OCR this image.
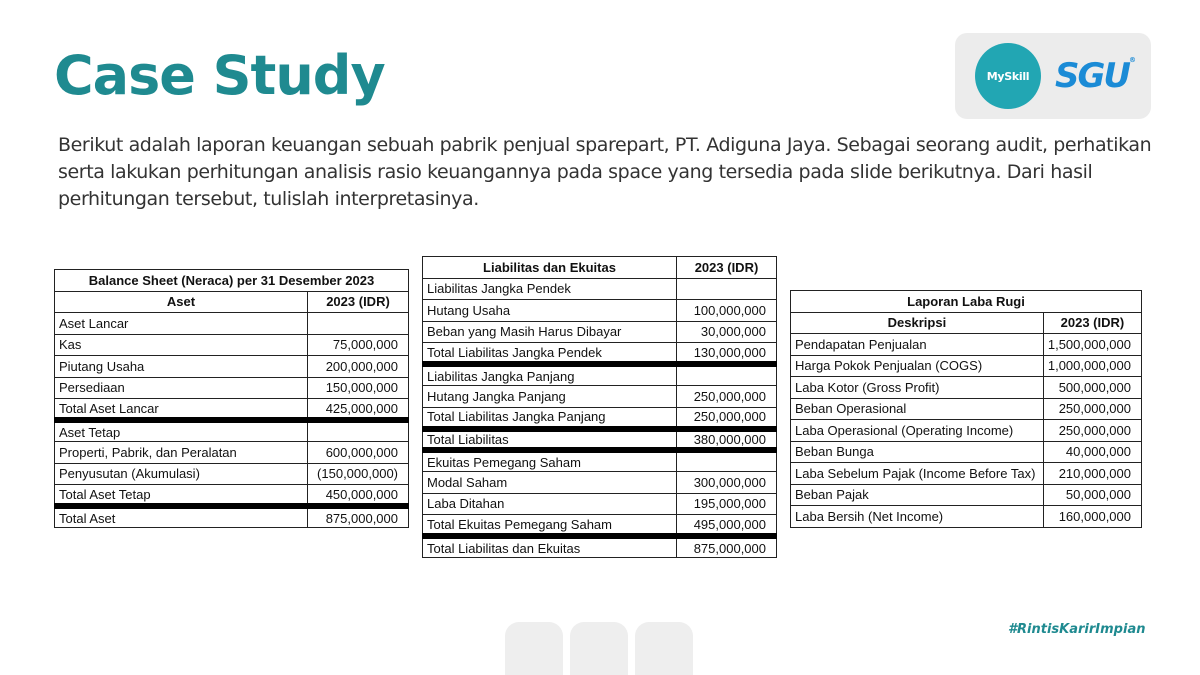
Case Study	MySkill SGU®
Berikut adalah laporan keuangan sebuah pabrik penjual sparepart, PT. Adiguna Jaya. Sebagai seorang audit, perhatikan serta lakukan perhitungan analisis rasio keuangannya pada space yang tersedia pada slide berikutnya. Dari hasil perhitungan tersebut, tulislah interpretasinya.
Balance Sheet (Neraca) per 31 Desember 2023	
Aset	2023 (IDR)
Aset Lancar	
Kas	75,000,000
Piutang Usaha	200,000,000
Persediaan	150,000,000
Total Aset Lancar	425,000,000
Aset Tetap	
Properti, Pabrik, dan Peralatan	600,000,000
Penyusutan (Akumulasi)	(150,000,000)
Total Aset Tetap	450,000,000
Total Aset	875,000,000
Liabilitas dan Ekuitas	2023 (IDR)
Liabilitas Jangka Pendek	
Hutang Usaha	100,000,000
Beban yang Masih Harus Dibayar	30,000,000
Total Liabilitas Jangka Pendek	130,000,000
Liabilitas Jangka Panjang	
Hutang Jangka Panjang	250,000,000
Total Liabilitas Jangka Panjang	250,000,000
Total Liabilitas	380,000,000
Ekuitas Pemegang Saham	
Modal Saham	300,000,000
Laba Ditahan	195,000,000
Total Ekuitas Pemegang Saham	495,000,000
Total Liabilitas dan Ekuitas	875,000,000
Laporan Laba Rugi	
Deskripsi	2023 (IDR)
Pendapatan Penjualan	1,500,000,000
Harga Pokok Penjualan (COGS)	1,000,000,000
Laba Kotor (Gross Profit)	500,000,000
Beban Operasional	250,000,000
Laba Operasional (Operating Income)	250,000,000
Beban Bunga	40,000,000
Laba Sebelum Pajak (Income Before Tax)	210,000,000
Beban Pajak	50,000,000
Laba Bersih (Net Income)	160,000,000
#RintisKarirImpian
